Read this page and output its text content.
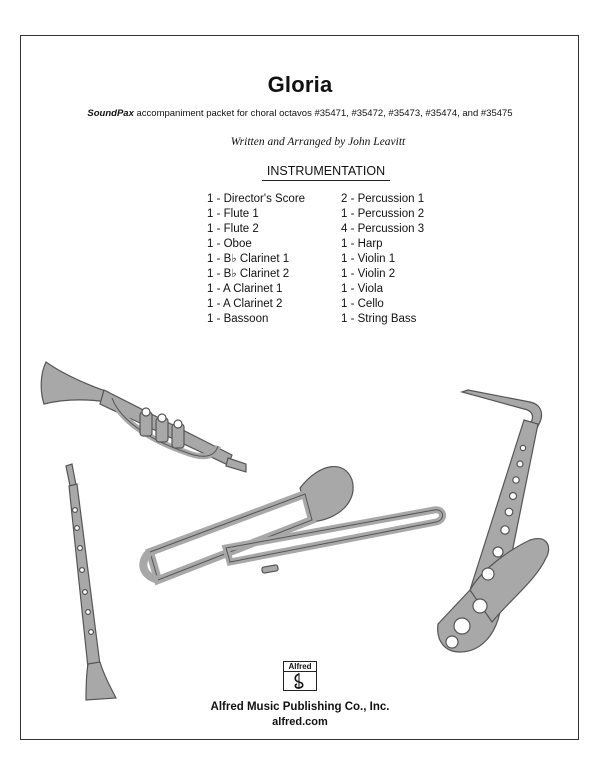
Gloria
SoundPax accompaniment packet for choral octavos #35471, #35472, #35473, #35474, and #35475
Written and Arranged by John Leavitt
INSTRUMENTATION
1 - Director's Score
1 - Flute 1
1 - Flute 2
1 - Oboe
1 - B♭ Clarinet 1
1 - B♭ Clarinet 2
1 - A Clarinet 1
1 - A Clarinet 2
1 - Bassoon
2 - Percussion 1
1 - Percussion 2
4 - Percussion 3
1 - Harp
1 - Violin 1
1 - Violin 2
1 - Viola
1 - Cello
1 - String Bass
Alfred
Alfred Music Publishing Co., Inc.
alfred.com
